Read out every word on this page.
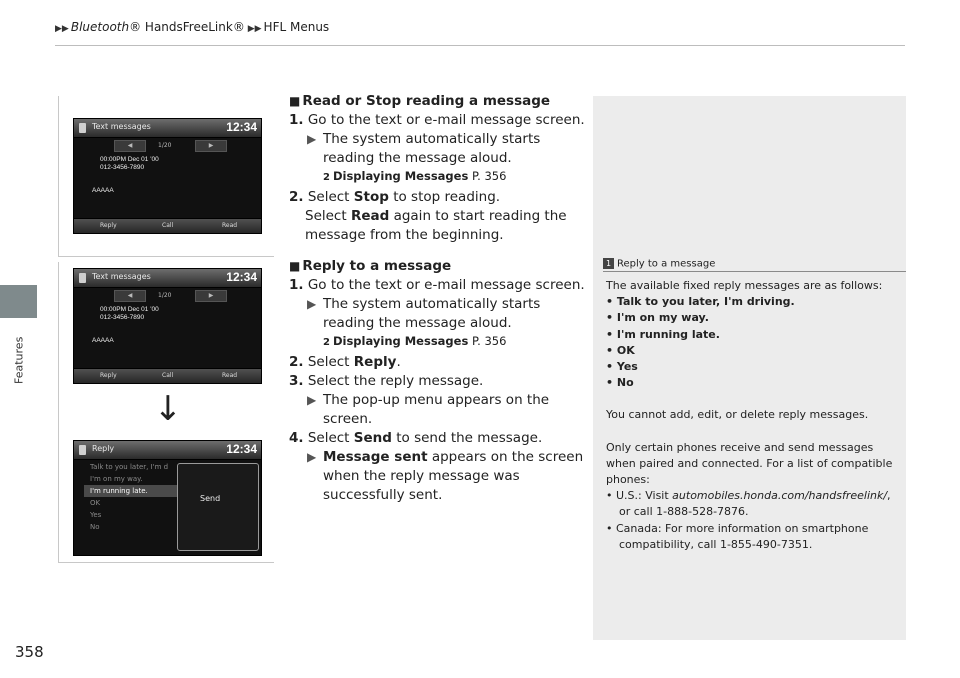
▶▶ Bluetooth® HandsFreeLink® ▶▶ HFL Menus
Features
358
Text messages	12:34
◀	1/20	▶
00:00PM Dec 01 '00
012-3456-7890
AAAAA
Reply	Call	Read
Text messages	12:34
◀	1/20	▶
00:00PM Dec 01 '00
012-3456-7890
AAAAA
Reply	Call	Read
Reply	12:34
Talk to you later, I'm d
I'm on my way.
I'm running late.
OK
Yes
No
Send
↓
■ Read or Stop reading a message
1. Go to the text or e-mail message screen.
▶ The system automatically starts reading the message aloud.
2 Displaying Messages P. 356
2. Select Stop to stop reading.
Select Read again to start reading the message from the beginning.
■ Reply to a message
1. Go to the text or e-mail message screen.
▶ The system automatically starts reading the message aloud.
2 Displaying Messages P. 356
2. Select Reply.
3. Select the reply message.
▶ The pop-up menu appears on the screen.
4. Select Send to send the message.
▶ Message sent appears on the screen when the reply message was successfully sent.
1 Reply to a message

The available fixed reply messages are as follows:

• Talk to you later, I'm driving.

• I'm on my way.

• I'm running late.

• OK

• Yes

• No

You cannot add, edit, or delete reply messages.

Only certain phones receive and send messages when paired and connected. For a list of compatible phones:

• U.S.: Visit automobiles.honda.com/handsfreelink/,

or call 1-888-528-7876.

• Canada: For more information on smartphone

compatibility, call 1-855-490-7351.
